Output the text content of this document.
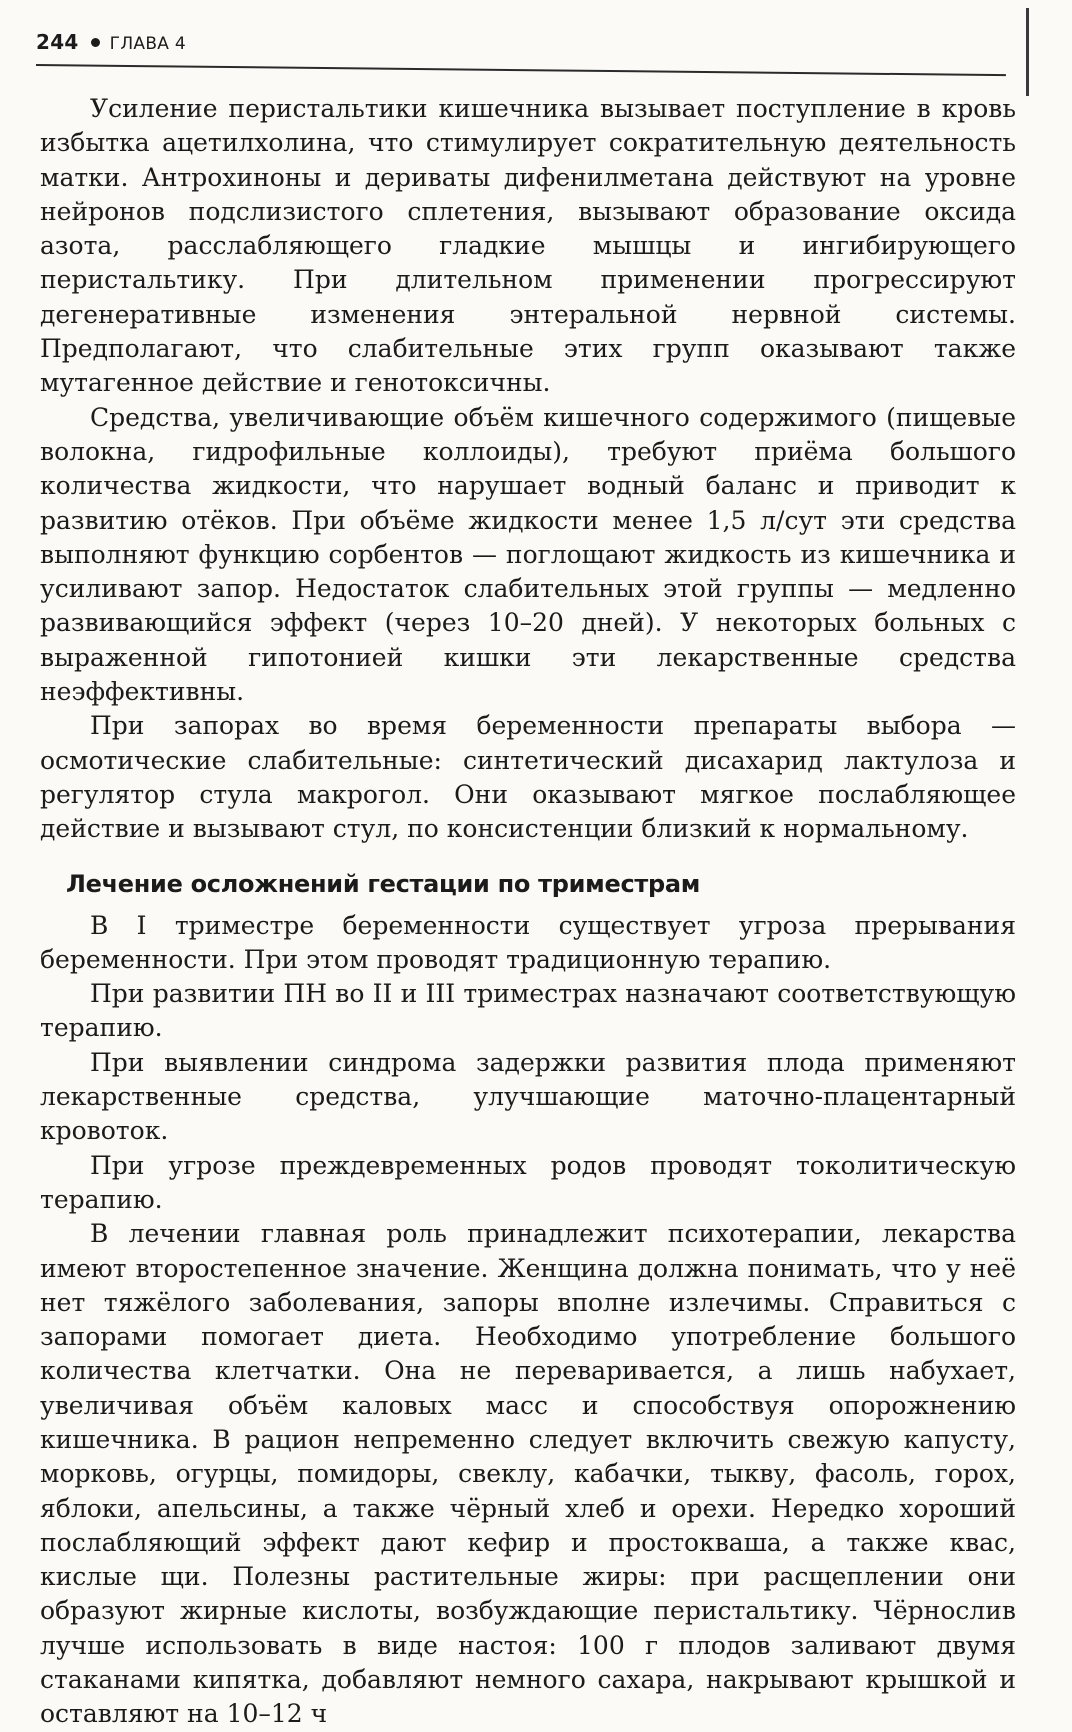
244 ГЛАВА 4

Усиление перистальтики кишечника вызывает поступление в кровь избытка ацетилхолина, что стимулирует сократительную деятельность матки. Антрохиноны и дериваты дифенилметана действуют на уровне нейронов подслизистого сплетения, вызывают образование оксида азота, расслабляющего гладкие мышцы и ингибирующего перистальтику. При длительном применении прогрессируют дегенеративные изменения энтеральной нервной системы. Предполагают, что слабительные этих групп оказывают также мутагенное действие и генотоксичны.

Средства, увеличивающие объём кишечного содержимого (пищевые волокна, гидрофильные коллоиды), требуют приёма большого количества жидкости, что нарушает водный баланс и приводит к развитию отёков. При объёме жидкости менее 1,5 л/сут эти средства выполняют функцию сорбентов — поглощают жидкость из кишечника и усиливают запор. Недостаток слабительных этой группы — медленно развивающийся эффект (через 10–20 дней). У некоторых больных с выраженной гипотонией кишки эти лекарственные средства неэффективны.

При запорах во время беременности препараты выбора — осмотические слабительные: синтетический дисахарид лактулоза и регулятор стула макрогол. Они оказывают мягкое послабляющее действие и вызывают стул, по консистенции близкий к нормальному.

Лечение осложнений гестации по триместрам

В I триместре беременности существует угроза прерывания беременности. При этом проводят традиционную терапию.

При развитии ПН во II и III триместрах назначают соответствующую терапию.

При выявлении синдрома задержки развития плода применяют лекарственные средства, улучшающие маточно-плацентарный кровоток.

При угрозе преждевременных родов проводят токолитическую терапию.

В лечении главная роль принадлежит психотерапии, лекарства имеют второстепенное значение. Женщина должна понимать, что у неё нет тяжёлого заболевания, запоры вполне излечимы. Справиться с запорами помогает диета. Необходимо употребление большого количества клетчатки. Она не переваривается, а лишь набухает, увеличивая объём каловых масс и способствуя опорожнению кишечника. В рацион непременно следует включить свежую капусту, морковь, огурцы, помидоры, свеклу, кабачки, тыкву, фасоль, горох, яблоки, апельсины, а также чёрный хлеб и орехи. Нередко хороший послабляющий эффект дают кефир и простокваша, а также квас, кислые щи. Полезны растительные жиры: при расщеплении они образуют жирные кислоты, возбуждающие перистальтику. Чёрнослив лучше использовать в виде настоя: 100 г плодов заливают двумя стаканами кипятка, добавляют немного сахара, накрывают крышкой и оставляют на 10–12 ч
